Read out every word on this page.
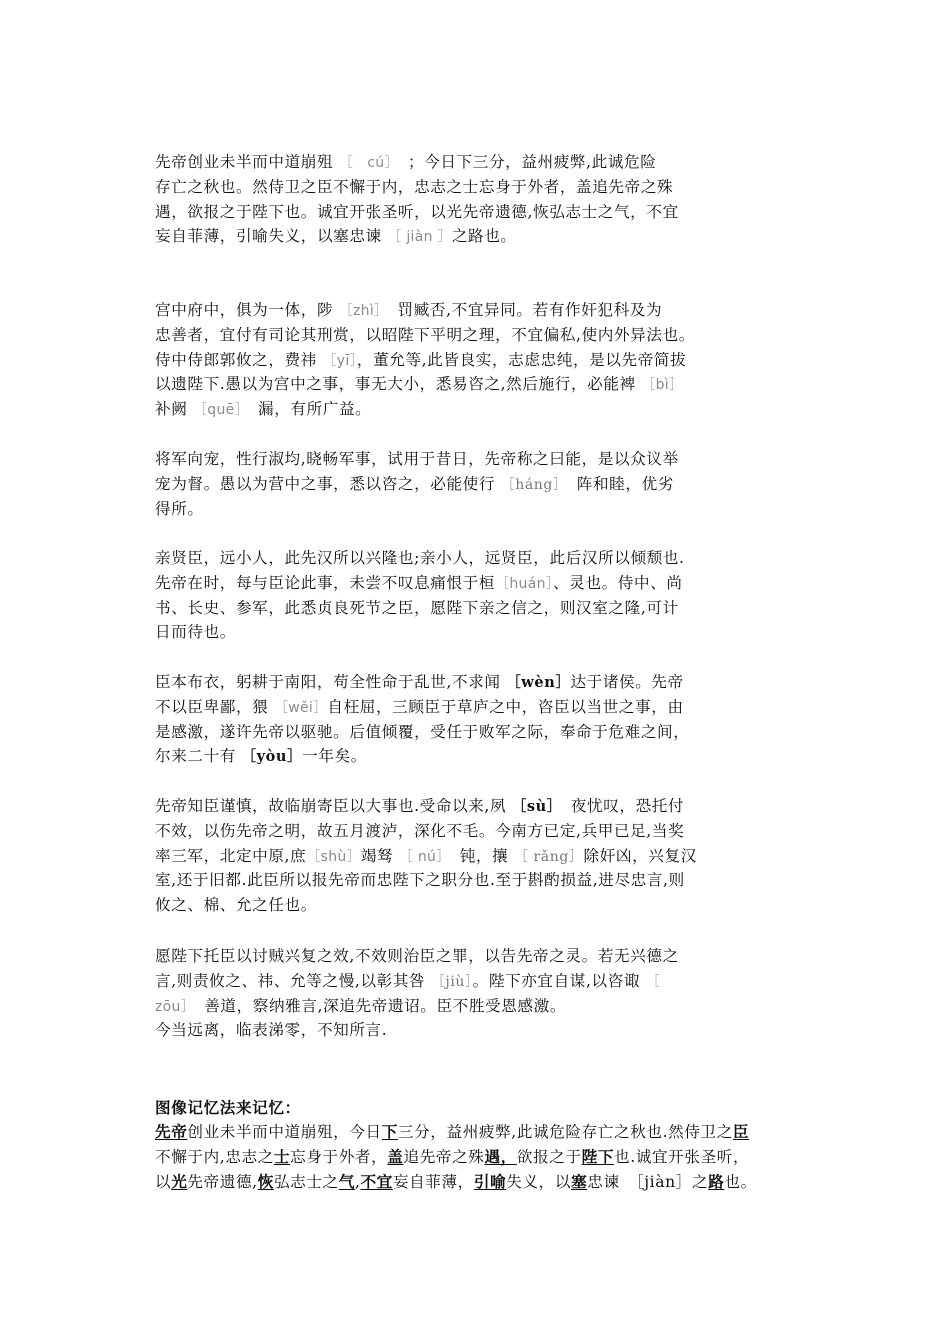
先帝创业未半而中道崩殂 ［　cú］　；今日下三分，益州疲弊,此诚危险
存亡之秋也。然侍卫之臣不懈于内，忠志之士忘身于外者，盖追先帝之殊
遇，欲报之于陛下也。诚宜开张圣听，以光先帝遗德,恢弘志士之气，不宜
妄自菲薄，引喻失义，以塞忠谏 ［ jiàn ］之路也。
宫中府中，俱为一体，陟 ［zhì］　罚臧否,不宜异同。若有作奸犯科及为
忠善者，宜付有司论其刑赏，以昭陛下平明之理，不宜偏私,使内外异法也。
侍中侍郎郭攸之，费祎 ［yī］，董允等,此皆良实，志虑忠纯，是以先帝简拔
以遗陛下.愚以为宫中之事，事无大小，悉易咨之,然后施行，必能裨 ［bì］
补阙 ［quē］　漏，有所广益。
将军向宠，性行淑均,晓畅军事，试用于昔日，先帝称之曰能，是以众议举
宠为督。愚以为营中之事，悉以咨之，必能使行 ［háng］　阵和睦，优劣
得所。
亲贤臣，远小人，此先汉所以兴隆也;亲小人，远贤臣，此后汉所以倾颓也.
先帝在时，每与臣论此事，未尝不叹息痛恨于桓［huán］、灵也。侍中、尚
书、长史、参军，此悉贞良死节之臣，愿陛下亲之信之，则汉室之隆,可计
日而待也。
臣本布衣，躬耕于南阳，苟全性命于乱世,不求闻 ［wèn］达于诸侯。先帝
不以臣卑鄙，猥 ［wěi］自枉屈，三顾臣于草庐之中，咨臣以当世之事，由
是感激，遂许先帝以驱驰。后值倾覆，受任于败军之际，奉命于危难之间，
尔来二十有 ［yòu］一年矣。
先帝知臣谨慎，故临崩寄臣以大事也.受命以来,夙 ［sù］　夜忧叹，恐托付
不效，以伤先帝之明，故五月渡泸，深化不毛。今南方已定,兵甲已足,当奖
率三军，北定中原,庶［shù］竭驽 ［ nú］　钝，攘 ［ rǎng］除奸凶，兴复汉
室,还于旧都.此臣所以报先帝而忠陛下之职分也.至于斟酌损益,进尽忠言,则
攸之、棉、允之任也。
愿陛下托臣以讨贼兴复之效,不效则治臣之罪，以告先帝之灵。若无兴德之
言,则责攸之、祎、允等之慢,以彰其咎 ［jiù］。陛下亦宜自谋,以咨诹 ［
zōu］　善道，察纳雅言,深追先帝遗诏。臣不胜受恩感激。
今当远离，临表涕零，不知所言.
图像记忆法来记忆：
先帝创业未半而中道崩殂，今日下三分，益州疲弊,此诚危险存亡之秋也.然侍卫之臣
不懈于内,忠志之士忘身于外者，盖追先帝之殊遇，欲报之于陛下也.诚宜开张圣听，
以光先帝遗德,恢弘志士之气,不宜妄自菲薄，引喻失义，以塞忠谏　［jiàn］之路也。
